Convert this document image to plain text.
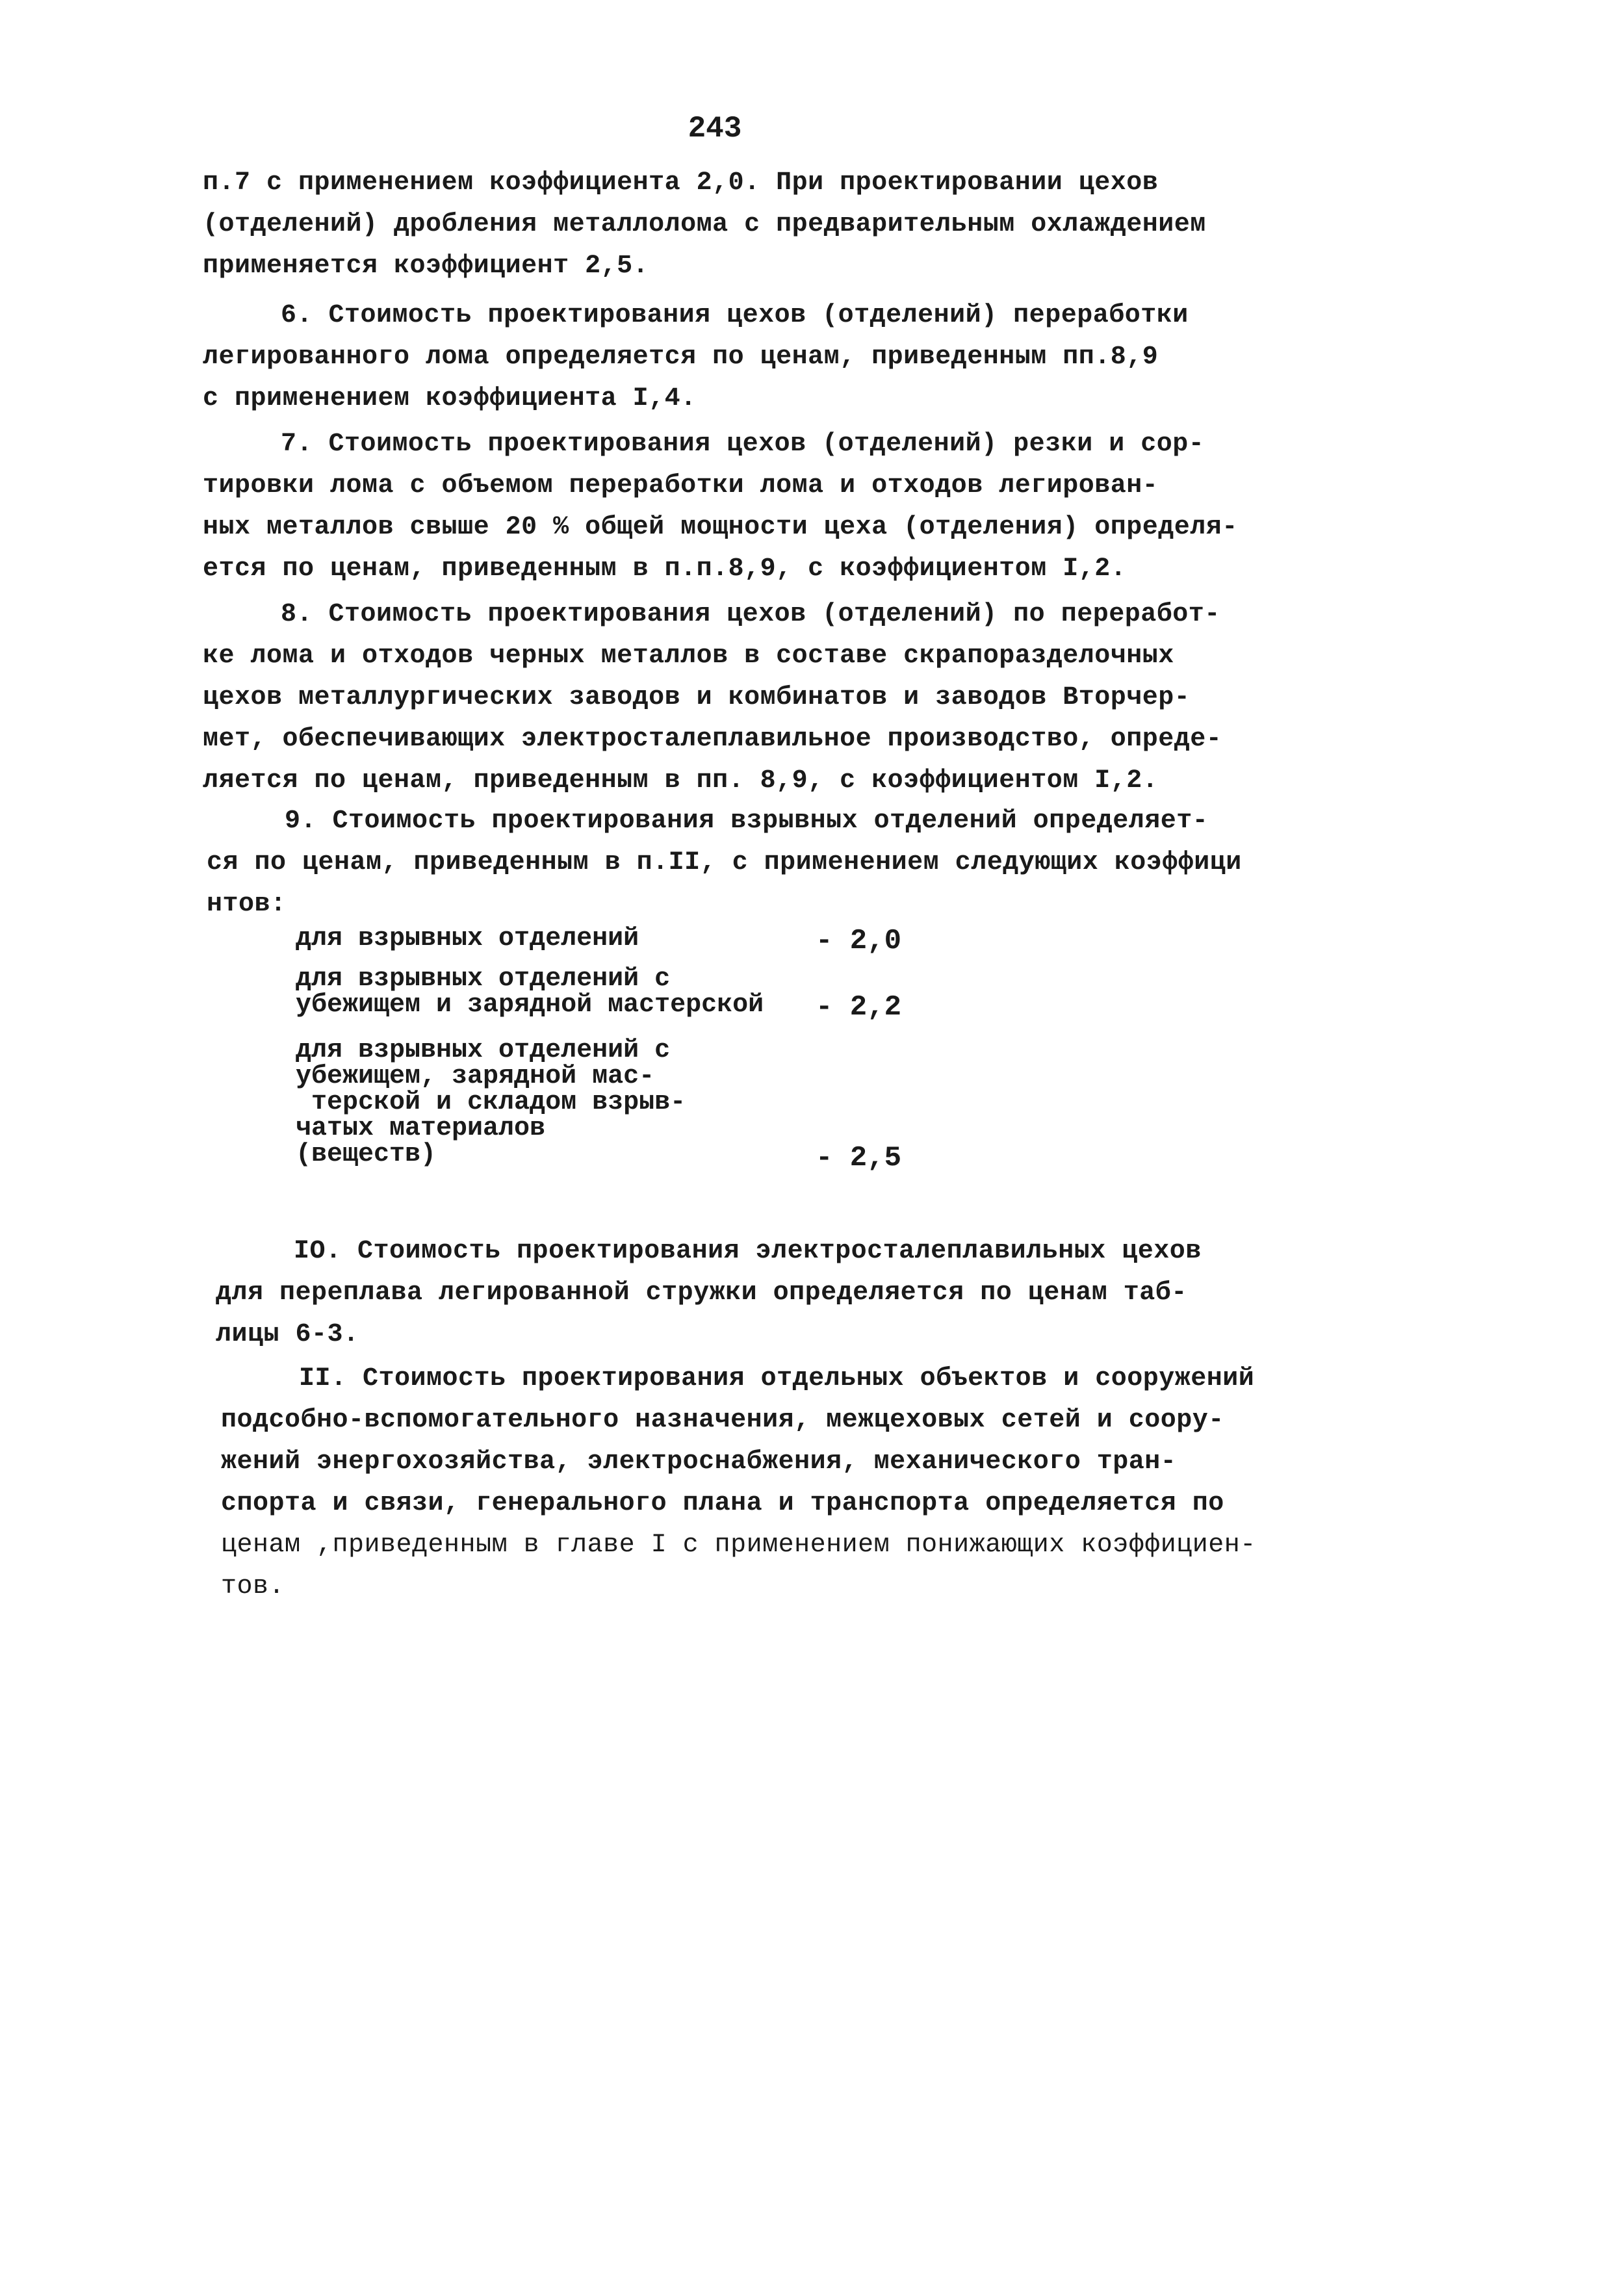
243
п.7 с применением коэффициента 2,0. При проектировании цехов
(отделений) дробления металлолома с предварительным охлаждением
применяется коэффициент 2,5.
6. Стоимость проектирования цехов (отделений) переработки
легированного лома определяется по ценам, приведенным пп.8,9
с применением коэффициента I,4.
7. Стоимость проектирования цехов (отделений) резки и сор-
тировки лома с объемом переработки лома и отходов легирован-
ных металлов свыше 20 % общей мощности цеха (отделения) определя-
ется по ценам, приведенным в п.п.8,9, с коэффициентом I,2.
8. Стоимость проектирования цехов (отделений) по переработ-
ке лома и отходов черных металлов в составе скрапоразделочных
цехов металлургических заводов и комбинатов и заводов Вторчер-
мет, обеспечивающих электросталеплавильное производство, опреде-
ляется по ценам, приведенным в пп. 8,9, с коэффициентом I,2.
9. Стоимость проектирования взрывных отделений определяет-
ся по ценам, приведенным в п.II, с применением следующих коэффици
нтов:
для взрывных отделений	- 2,0
для взрывных отделений с
убежищем и зарядной мастерской - 2,2
для взрывных отделений с
убежищем, зарядной мас-
терской и складом взрыв-
чатых материалов
(веществ)	- 2,5
IO. Стоимость проектирования электросталеплавильных цехов
для переплава легированной стружки определяется по ценам таб-
лицы 6-3.
II. Стоимость проектирования отдельных объектов и сооружений
подсобно-вспомогательного назначения, межцеховых сетей и соору-
жений энергохозяйства, электроснабжения, механического тран-
спорта и связи, генерального плана и транспорта определяется по
ценам ,приведенным в главе I с применением понижающих коэффициен-
тов.
